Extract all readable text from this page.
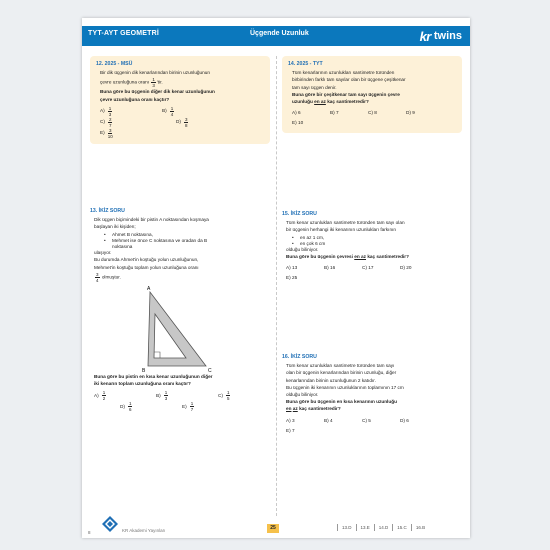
TYT-AYT GEOMETRİ	Üçgende Uzunluk	kr twins
12. 2025 - MSÜ

Bir dik üçgenin dik kenarlarından birinin uzunluğunun

çevre uzunluğuna oranı $\frac{1}{3}$ 'tir.

Buna göre bu üçgenin diğer dik kenar uzunluğunun

çevre uzunluğuna oranı kaçtır?

$A) \frac{1}{3}$	$B) \frac{1}{4}$
$C) \frac{2}{7}$	$D) \frac{3}{8}$
$E) \frac{3}{10}$
14. 2025 - TYT

Tüm kenarlarının uzunlukları santimetre türünden

birbirinden farklı tam sayılar olan bir üçgene çeşitkenar

tam sayı üçgen denir.

Buna göre bir çeşitkenar tam sayı üçgenin çevre

uzunluğu en az kaç santimetredir?

A) 6	B) 7	C) 8	D) 9
E) 10
13. İKİZ SORU

Dik üçgen biçimindeki bir pistin A noktasından koşmaya

başlayan iki kişiden;

•	Ahmet B noktasına,
•	Mehmet ise önce C noktasına ve oradan da B
noktasına

ulaşıyor.

Bu durumda Ahmet'in koştuğu yolun uzunluğunun,

Mehmet'in koştuğu toplam yolun uzunluğuna oranı

$\frac{3}{4}$ olmuştur.

A
B	C

Buna göre bu pistin en kısa kenar uzunluğunun diğer

iki kenarın toplam uzunluğuna oranı kaçtır?

$A) \frac{1}{2}$	$B) \frac{1}{3}$	$C) \frac{1}{5}$
$D) \frac{1}{6}$	$E) \frac{1}{7}$
15. İKİZ SORU

Tüm kenar uzunlukları santimetre türünden tam sayı olan

bir üçgenin herhangi iki kenarının uzunlukları farkının

•	en az 1 cm,
•	en çok 6 cm

olduğu biliniyor.

Buna göre bu üçgenin çevresi en az kaç santimetredir?

A) 13	B) 16	C) 17	D) 20
E) 25
16. İKİZ SORU

Tüm kenar uzunlukları santimetre türünden tam sayı

olan bir üçgenin kenarlarından birinin uzunluğu, diğer

kenarlarından birinin uzunluğunun 2 katıdır.

Bu üçgenin iki kenarının uzunluklarının toplamının 17 cm

olduğu biliniyor.

Buna göre bu üçgenin en kısa kenarının uzunluğu

en az kaç santimetredir?

A) 3	B) 4	C) 5	D) 6
E) 7
8	KR Akademi Yayınları	25	13.D	13.E	14.D	15.C	16.B
